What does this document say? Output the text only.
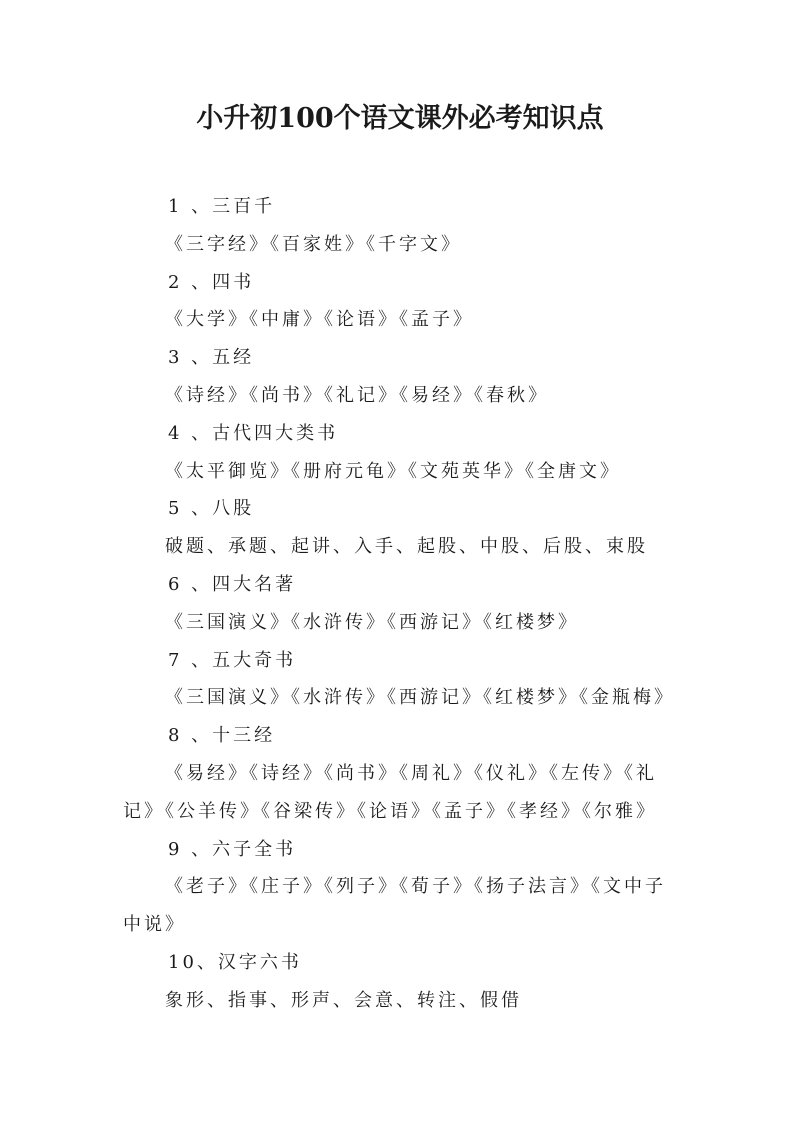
小升初100个语文课外必考知识点
1 、三百千
《三字经》《百家姓》《千字文》
2 、四书
《大学》《中庸》《论语》《孟子》
3 、五经
《诗经》《尚书》《礼记》《易经》《春秋》
4 、古代四大类书
《太平御览》《册府元龟》《文苑英华》《全唐文》
5 、八股
破题、承题、起讲、入手、起股、中股、后股、束股
6 、四大名著
《三国演义》《水浒传》《西游记》《红楼梦》
7 、五大奇书
《三国演义》《水浒传》《西游记》《红楼梦》《金瓶梅》
8 、十三经
《易经》《诗经》《尚书》《周礼》《仪礼》《左传》《礼
记》《公羊传》《谷梁传》《论语》《孟子》《孝经》《尔雅》
9 、六子全书
《老子》《庄子》《列子》《荀子》《扬子法言》《文中子
中说》
10、汉字六书
象形、指事、形声、会意、转注、假借
